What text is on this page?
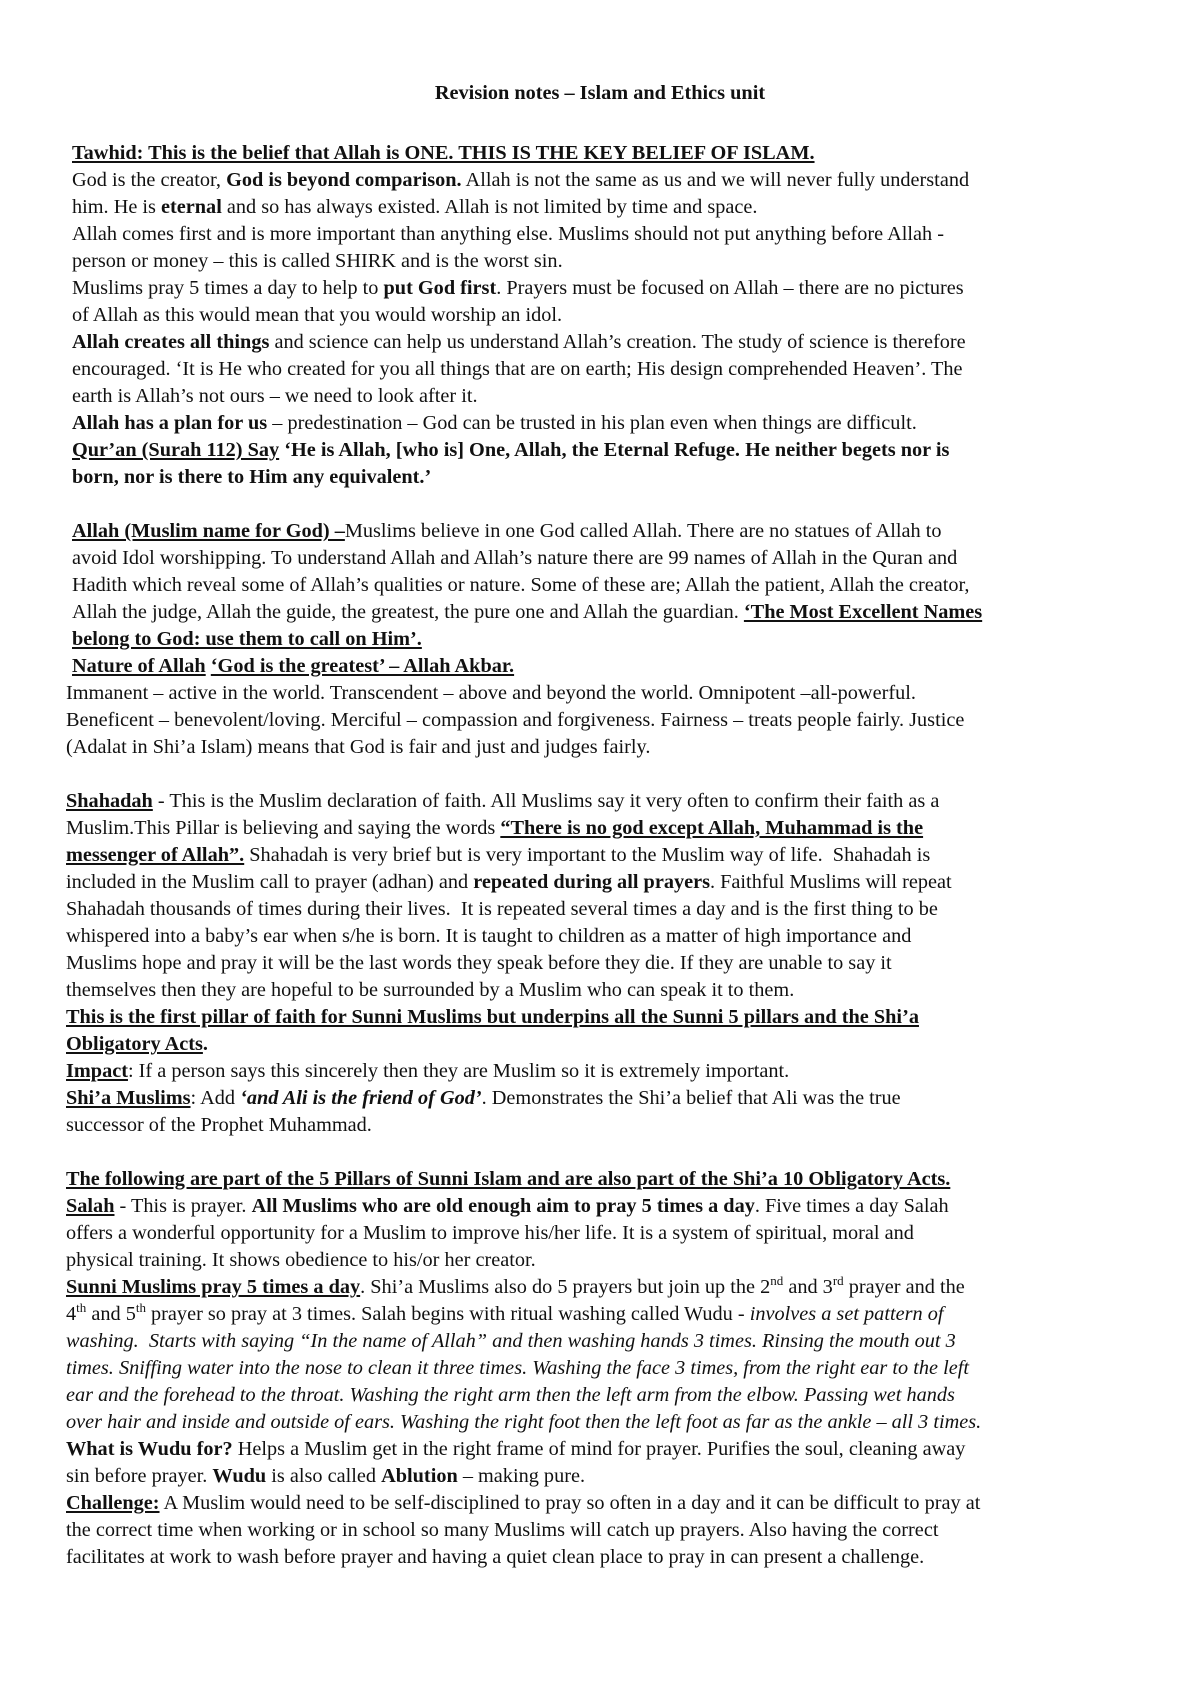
Revision notes – Islam and Ethics unit
Tawhid: This is the belief that Allah is ONE. THIS IS THE KEY BELIEF OF ISLAM.
God is the creator, God is beyond comparison. Allah is not the same as us and we will never fully understand
him. He is eternal and so has always existed. Allah is not limited by time and space.
Allah comes first and is more important than anything else. Muslims should not put anything before Allah -
person or money – this is called SHIRK and is the worst sin.
Muslims pray 5 times a day to help to put God first. Prayers must be focused on Allah – there are no pictures
of Allah as this would mean that you would worship an idol.
Allah creates all things and science can help us understand Allah’s creation. The study of science is therefore
encouraged. ‘It is He who created for you all things that are on earth; His design comprehended Heaven’. The
earth is Allah’s not ours – we need to look after it.
Allah has a plan for us – predestination – God can be trusted in his plan even when things are difficult.
Qur’an (Surah 112) Say ‘He is Allah, [who is] One, Allah, the Eternal Refuge. He neither begets nor is
born, nor is there to Him any equivalent.’
Allah (Muslim name for God) –Muslims believe in one God called Allah. There are no statues of Allah to
avoid Idol worshipping. To understand Allah and Allah’s nature there are 99 names of Allah in the Quran and
Hadith which reveal some of Allah’s qualities or nature. Some of these are; Allah the patient, Allah the creator,
Allah the judge, Allah the guide, the greatest, the pure one and Allah the guardian. ‘The Most Excellent Names
belong to God: use them to call on Him’.
Nature of Allah ‘God is the greatest’ – Allah Akbar.
Immanent – active in the world. Transcendent – above and beyond the world. Omnipotent –all-powerful.
Beneficent – benevolent/loving. Merciful – compassion and forgiveness. Fairness – treats people fairly. Justice
(Adalat in Shi’a Islam) means that God is fair and just and judges fairly.
Shahadah - This is the Muslim declaration of faith. All Muslims say it very often to confirm their faith as a
Muslim.This Pillar is believing and saying the words “There is no god except Allah, Muhammad is the
messenger of Allah”. Shahadah is very brief but is very important to the Muslim way of life.  Shahadah is
included in the Muslim call to prayer (adhan) and repeated during all prayers. Faithful Muslims will repeat
Shahadah thousands of times during their lives.  It is repeated several times a day and is the first thing to be
whispered into a baby’s ear when s/he is born. It is taught to children as a matter of high importance and
Muslims hope and pray it will be the last words they speak before they die. If they are unable to say it
themselves then they are hopeful to be surrounded by a Muslim who can speak it to them.
This is the first pillar of faith for Sunni Muslims but underpins all the Sunni 5 pillars and the Shi’a
Obligatory Acts.
Impact: If a person says this sincerely then they are Muslim so it is extremely important.
Shi’a Muslims: Add ‘and Ali is the friend of God’. Demonstrates the Shi’a belief that Ali was the true
successor of the Prophet Muhammad.
The following are part of the 5 Pillars of Sunni Islam and are also part of the Shi’a 10 Obligatory Acts.
Salah - This is prayer. All Muslims who are old enough aim to pray 5 times a day. Five times a day Salah
offers a wonderful opportunity for a Muslim to improve his/her life. It is a system of spiritual, moral and
physical training. It shows obedience to his/or her creator.
Sunni Muslims pray 5 times a day. Shi’a Muslims also do 5 prayers but join up the 2nd and 3rd prayer and the
4th and 5th prayer so pray at 3 times. Salah begins with ritual washing called Wudu - involves a set pattern of
washing.  Starts with saying “In the name of Allah” and then washing hands 3 times. Rinsing the mouth out 3
times. Sniffing water into the nose to clean it three times. Washing the face 3 times, from the right ear to the left
ear and the forehead to the throat. Washing the right arm then the left arm from the elbow. Passing wet hands
over hair and inside and outside of ears. Washing the right foot then the left foot as far as the ankle – all 3 times.
What is Wudu for? Helps a Muslim get in the right frame of mind for prayer. Purifies the soul, cleaning away
sin before prayer. Wudu is also called Ablution – making pure.
Challenge: A Muslim would need to be self-disciplined to pray so often in a day and it can be difficult to pray at
the correct time when working or in school so many Muslims will catch up prayers. Also having the correct
facilitates at work to wash before prayer and having a quiet clean place to pray in can present a challenge.
